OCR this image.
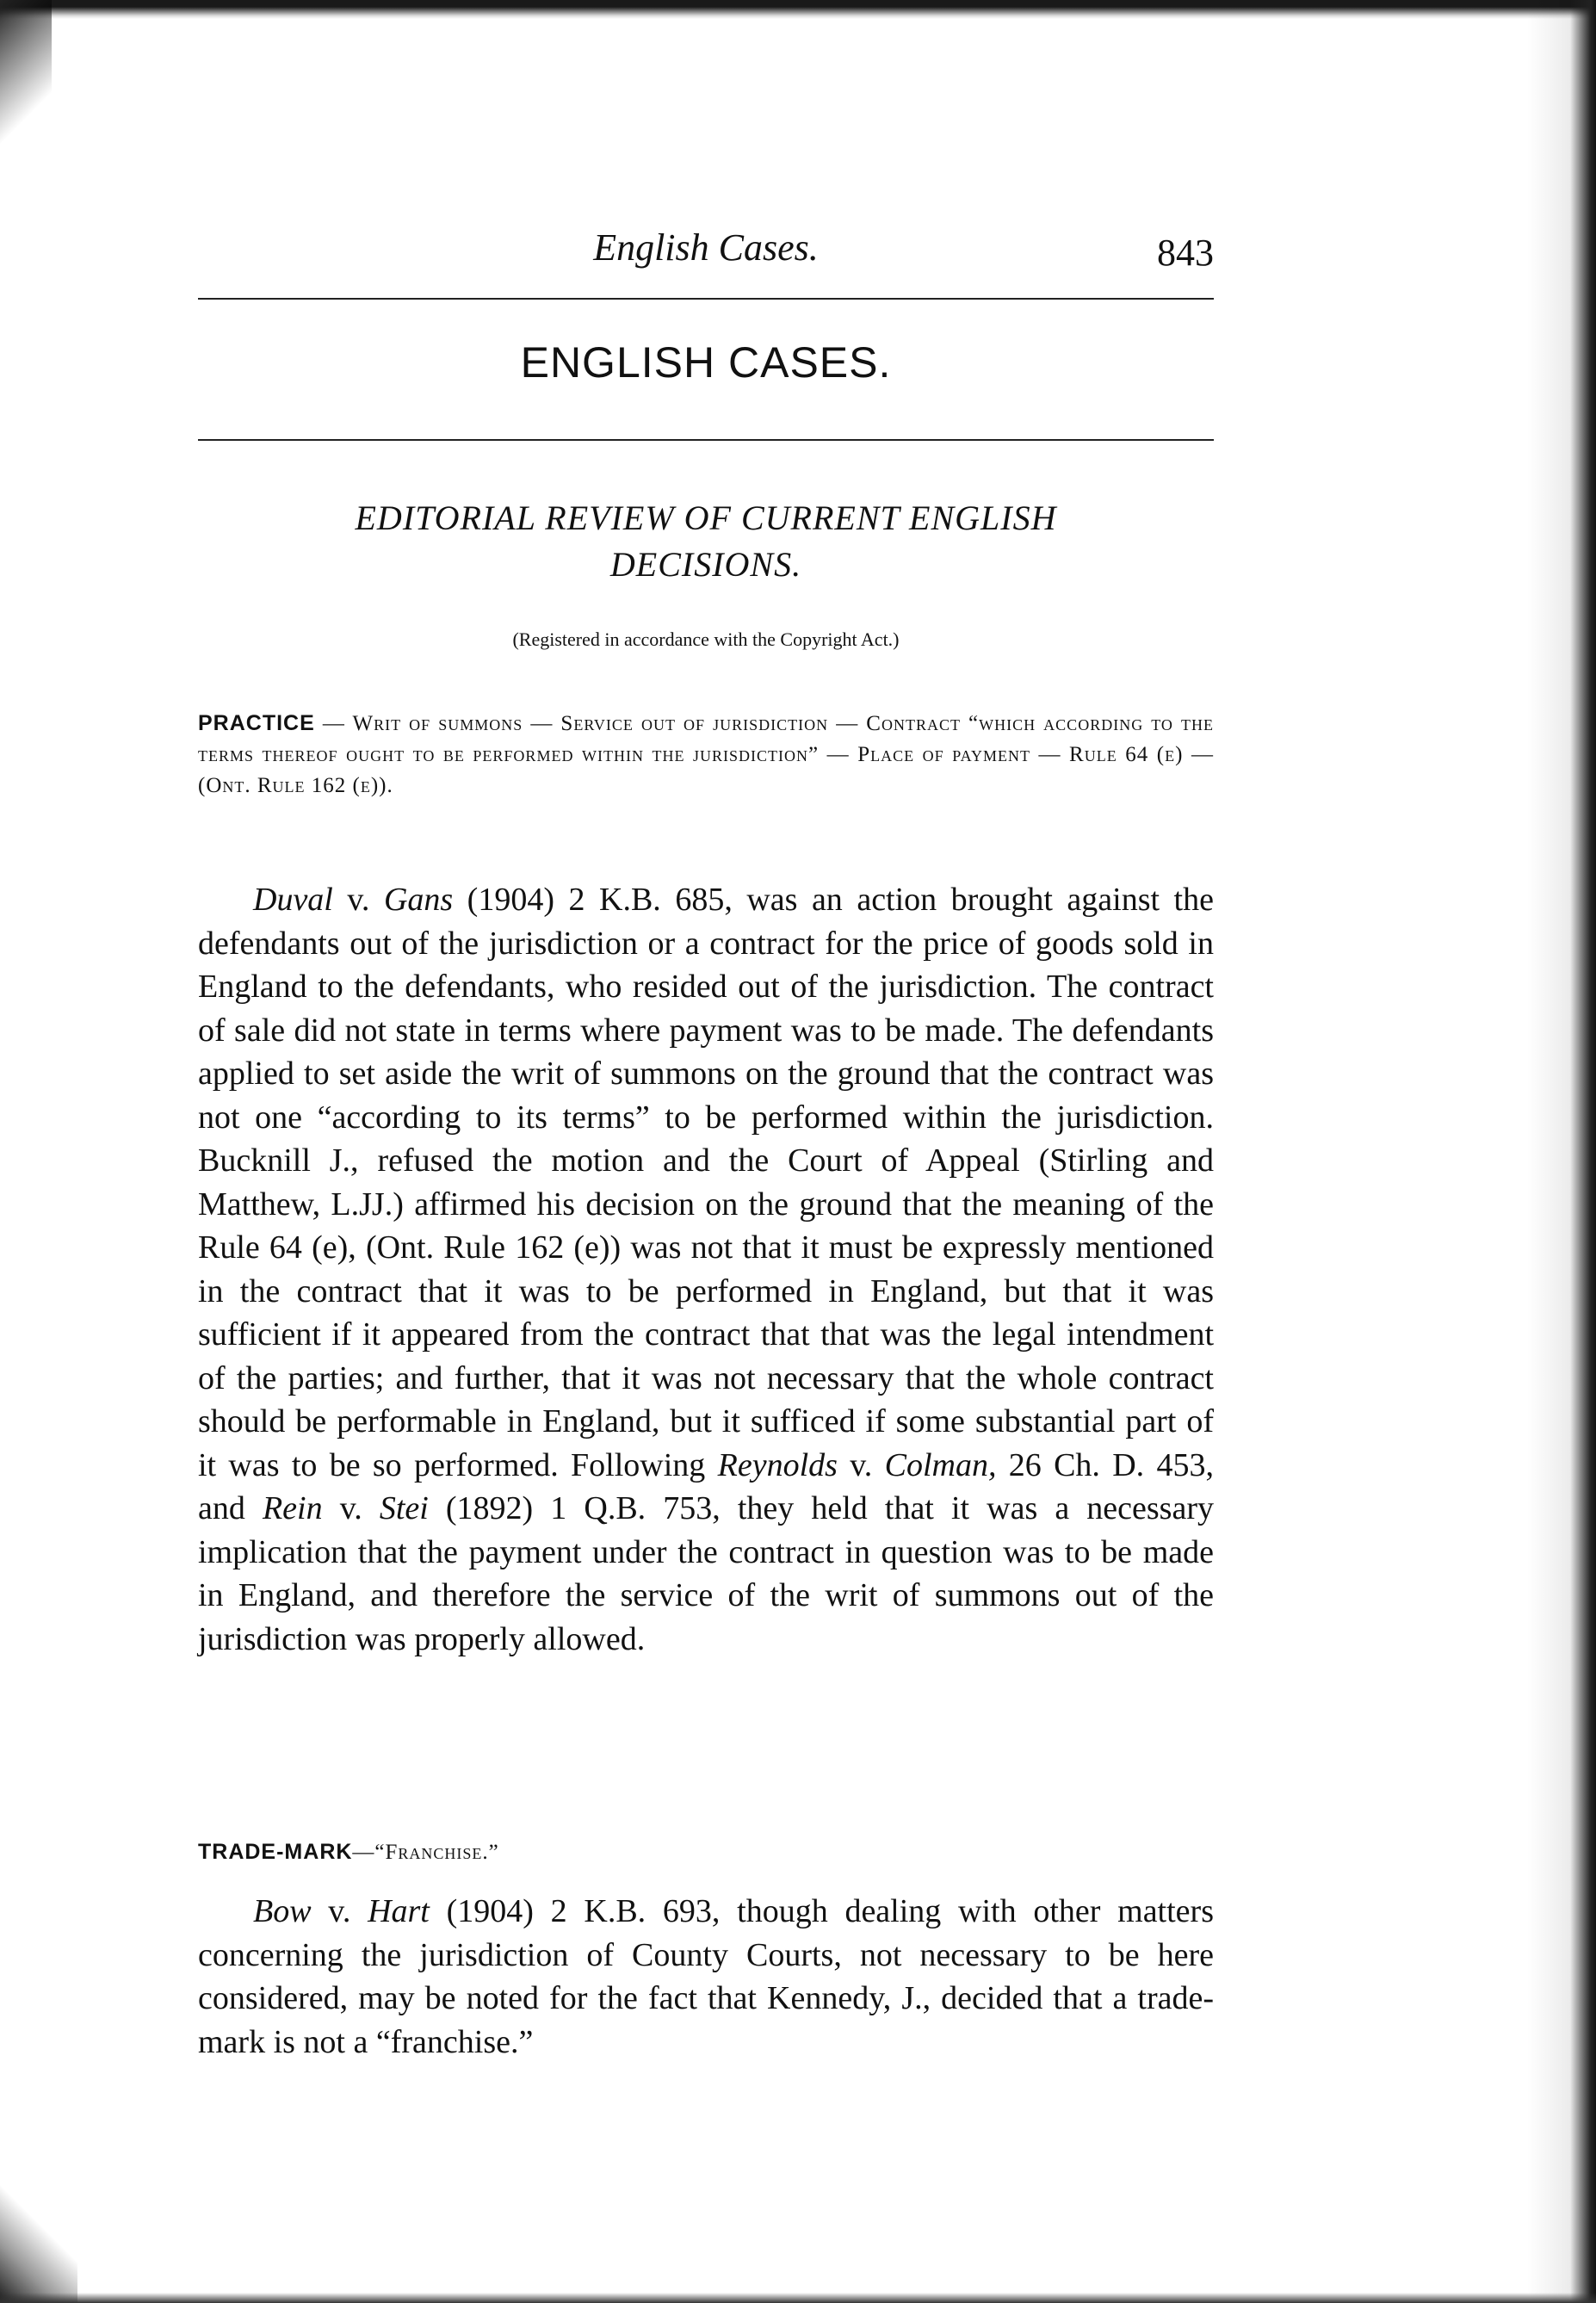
English Cases.	843
ENGLISH CASES.
EDITORIAL REVIEW OF CURRENT ENGLISH
DECISIONS.
(Registered in accordance with the Copyright Act.)
PRACTICE — Writ of summons — Service out of jurisdiction — Contract “which according to the terms thereof ought to be performed within the jurisdiction” — Place of payment — Rule 64 (e) — (Ont. Rule 162 (e)).

Duval v. Gans (1904) 2 K.B. 685, was an action brought against the defendants out of the jurisdiction or a contract for the price of goods sold in England to the defendants, who resided out of the jurisdiction. The contract of sale did not state in terms where payment was to be made. The defendants applied to set aside the writ of summons on the ground that the contract was not one “according to its terms” to be performed within the jurisdiction. Bucknill J., refused the motion and the Court of Appeal (Stirling and Matthew, L.JJ.) affirmed his decision on the ground that the meaning of the Rule 64 (e), (Ont. Rule 162 (e)) was not that it must be expressly mentioned in the contract that it was to be performed in England, but that it was sufficient if it appeared from the contract that that was the legal intendment of the parties; and further, that it was not necessary that the whole contract should be performable in England, but it sufficed if some substantial part of it was to be so performed. Following Reynolds v. Colman, 26 Ch. D. 453, and Rein v. Stei (1892) 1 Q.B. 753, they held that it was a necessary implication that the payment under the contract in question was to be made in England, and therefore the service of the writ of summons out of the jurisdiction was properly allowed.

TRADE-MARK—“Franchise.”

Bow v. Hart (1904) 2 K.B. 693, though dealing with other matters concerning the jurisdiction of County Courts, not necessary to be here considered, may be noted for the fact that Kennedy, J., decided that a trade-mark is not a “franchise.”
